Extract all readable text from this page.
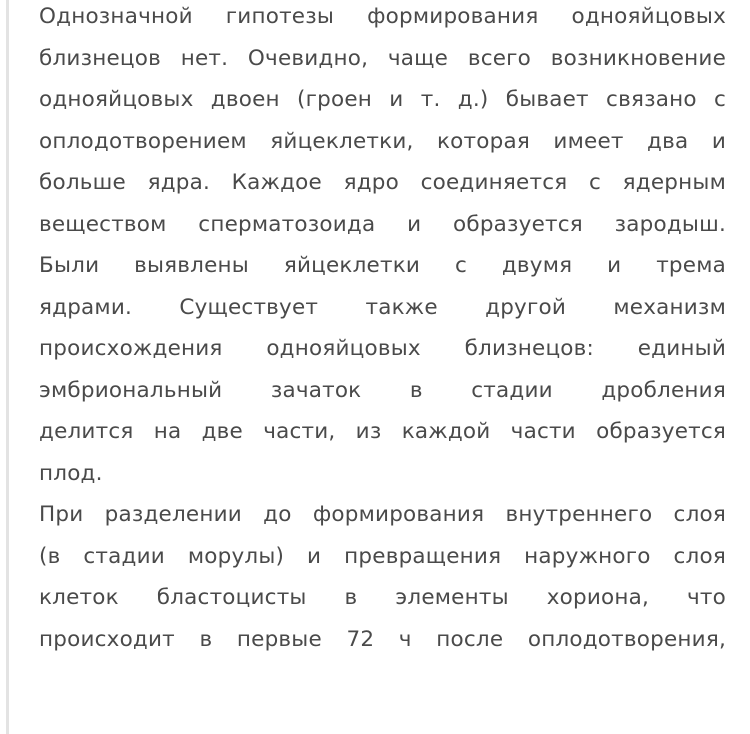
Однозначной гипотезы формирования однояйцовых
близнецов нет. Очевидно, чаще всего возникновение
однояйцовых двоен (гроен и т. д.) бывает связано с
оплодотворением яйцеклетки, которая имеет два и
больше ядра. Каждое ядро соединяется с ядерным
веществом сперматозоида и образуется зародыш.
Были выявлены яйцеклетки с двумя и трема
ядрами. Существует также другой механизм
происхождения однояйцовых близнецов: единый
эмбриональный зачаток в стадии дробления
делится на две части, из каждой части образуется
плод.
При разделении до формирования внутреннего слоя
(в стадии морулы) и превращения наружного слоя
клеток бластоцисты в элементы хориона, что
происходит в первые 72 ч после оплодотворения,
